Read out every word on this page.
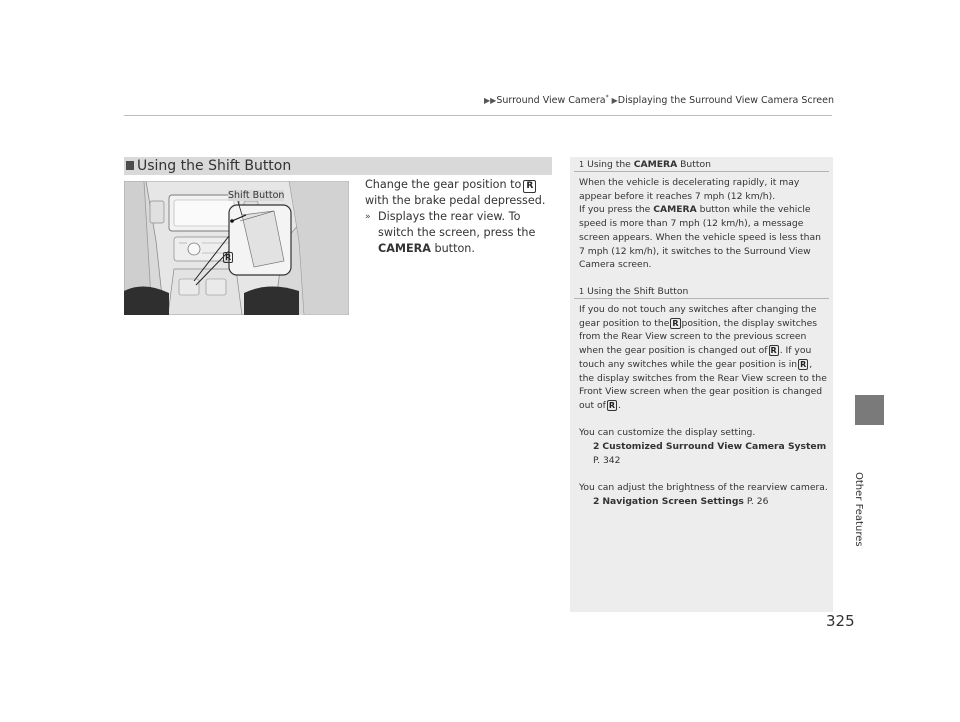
▶▶Surround View Camera* ▶Displaying the Surround View Camera Screen
Other Features
Using the Shift Button
Shift Button
R

Change the gear position to Rwith the brake pedal depressed.

» Displays the rear view. To switch the screen, press the CAMERA button.
1 Using the CAMERA Button

When the vehicle is decelerating rapidly, it may appear before it reaches 7 mph (12 km/h).

If you press the CAMERA button while the vehicle speed is more than 7 mph (12 km/h), a message screen appears. When the vehicle speed is less than 7 mph (12 km/h), it switches to the Surround View Camera screen.

1 Using the Shift Button

If you do not touch any switches after changing the gear position to the R position, the display switches from the Rear View screen to the previous screen when the gear position is changed out of R . If you touch any switches while the gear position is in R , the display switches from the Rear View screen to the Front View screen when the gear position is changed out of R .

You can customize the display setting.

2 Customized Surround View Camera System P. 342

You can adjust the brightness of the rearview camera.

2 Navigation Screen Settings P. 26

325
